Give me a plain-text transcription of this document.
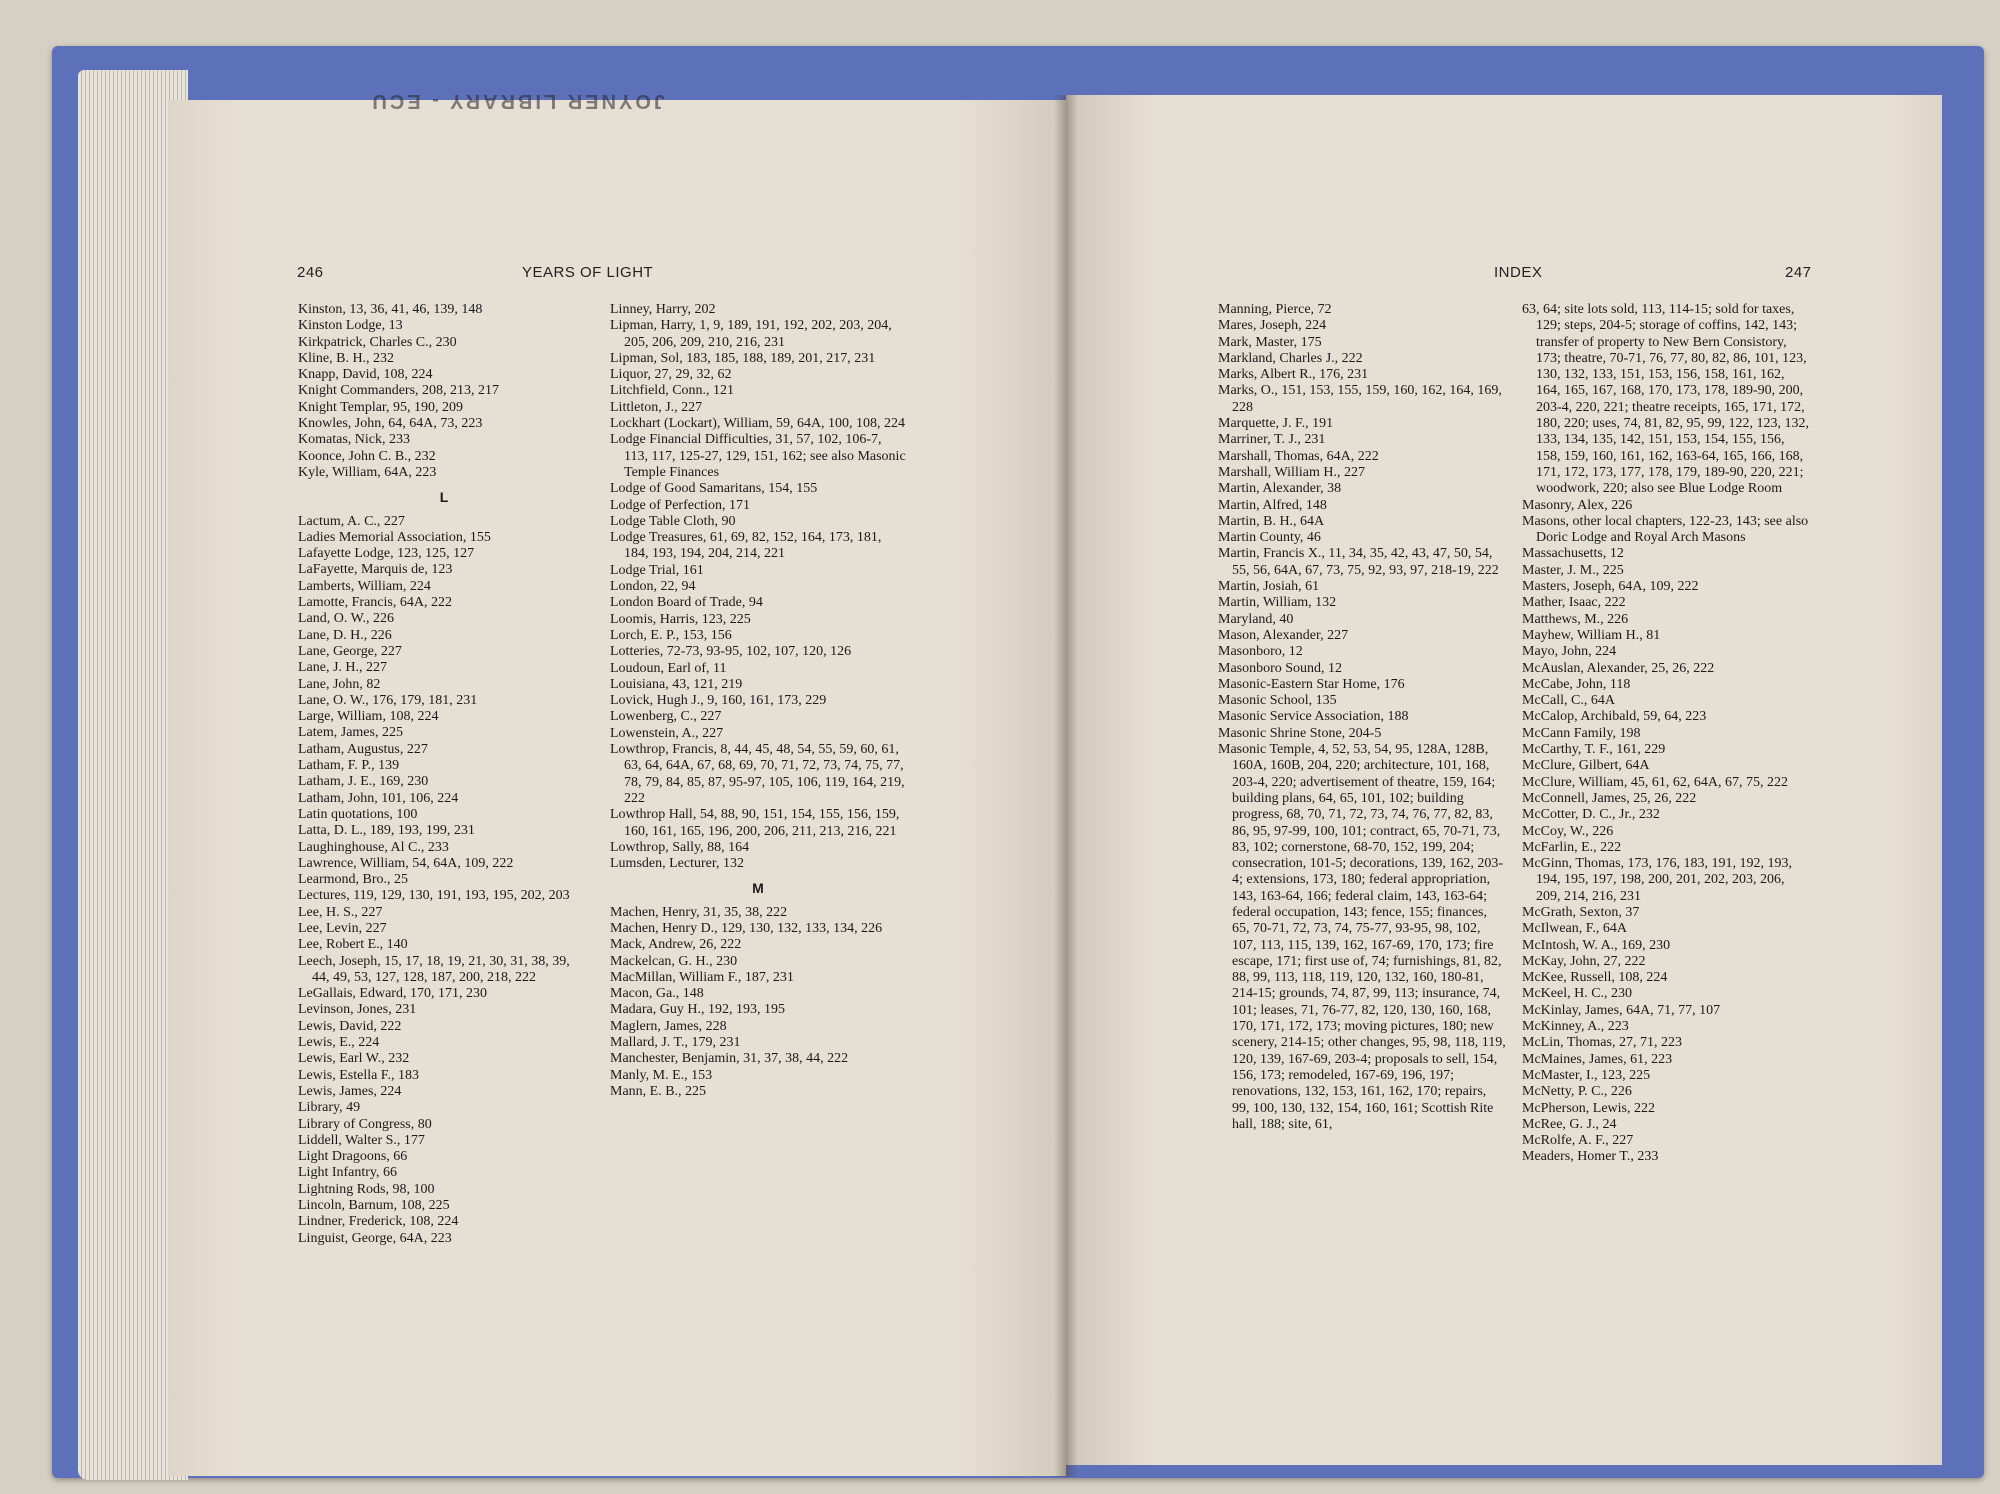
JOYNER LIBRARY - ECU
246	YEARS OF LIGHT	INDEX	247
Kinston, 13, 36, 41, 46, 139, 148
Kinston Lodge, 13
Kirkpatrick, Charles C., 230
Kline, B. H., 232
Knapp, David, 108, 224
Knight Commanders, 208, 213, 217
Knight Templar, 95, 190, 209
Knowles, John, 64, 64A, 73, 223
Komatas, Nick, 233
Koonce, John C. B., 232
Kyle, William, 64A, 223
L
Lactum, A. C., 227
Ladies Memorial Association, 155
Lafayette Lodge, 123, 125, 127
LaFayette, Marquis de, 123
Lamberts, William, 224
Lamotte, Francis, 64A, 222
Land, O. W., 226
Lane, D. H., 226
Lane, George, 227
Lane, J. H., 227
Lane, John, 82
Lane, O. W., 176, 179, 181, 231
Large, William, 108, 224
Latem, James, 225
Latham, Augustus, 227
Latham, F. P., 139
Latham, J. E., 169, 230
Latham, John, 101, 106, 224
Latin quotations, 100
Latta, D. L., 189, 193, 199, 231
Laughinghouse, Al C., 233
Lawrence, William, 54, 64A, 109, 222
Learmond, Bro., 25
Lectures, 119, 129, 130, 191, 193, 195, 202, 203
Lee, H. S., 227
Lee, Levin, 227
Lee, Robert E., 140
Leech, Joseph, 15, 17, 18, 19, 21, 30, 31, 38, 39, 44, 49, 53, 127, 128, 187, 200, 218, 222
LeGallais, Edward, 170, 171, 230
Levinson, Jones, 231
Lewis, David, 222
Lewis, E., 224
Lewis, Earl W., 232
Lewis, Estella F., 183
Lewis, James, 224
Library, 49
Library of Congress, 80
Liddell, Walter S., 177
Light Dragoons, 66
Light Infantry, 66
Lightning Rods, 98, 100
Lincoln, Barnum, 108, 225
Lindner, Frederick, 108, 224
Linguist, George, 64A, 223
Linney, Harry, 202
Lipman, Harry, 1, 9, 189, 191, 192, 202, 203, 204, 205, 206, 209, 210, 216, 231
Lipman, Sol, 183, 185, 188, 189, 201, 217, 231
Liquor, 27, 29, 32, 62
Litchfield, Conn., 121
Littleton, J., 227
Lockhart (Lockart), William, 59, 64A, 100, 108, 224
Lodge Financial Difficulties, 31, 57, 102, 106-7, 113, 117, 125-27, 129, 151, 162; see also Masonic Temple Finances
Lodge of Good Samaritans, 154, 155
Lodge of Perfection, 171
Lodge Table Cloth, 90
Lodge Treasures, 61, 69, 82, 152, 164, 173, 181, 184, 193, 194, 204, 214, 221
Lodge Trial, 161
London, 22, 94
London Board of Trade, 94
Loomis, Harris, 123, 225
Lorch, E. P., 153, 156
Lotteries, 72-73, 93-95, 102, 107, 120, 126
Loudoun, Earl of, 11
Louisiana, 43, 121, 219
Lovick, Hugh J., 9, 160, 161, 173, 229
Lowenberg, C., 227
Lowenstein, A., 227
Lowthrop, Francis, 8, 44, 45, 48, 54, 55, 59, 60, 61, 63, 64, 64A, 67, 68, 69, 70, 71, 72, 73, 74, 75, 77, 78, 79, 84, 85, 87, 95-97, 105, 106, 119, 164, 219, 222
Lowthrop Hall, 54, 88, 90, 151, 154, 155, 156, 159, 160, 161, 165, 196, 200, 206, 211, 213, 216, 221
Lowthrop, Sally, 88, 164
Lumsden, Lecturer, 132
M
Machen, Henry, 31, 35, 38, 222
Machen, Henry D., 129, 130, 132, 133, 134, 226
Mack, Andrew, 26, 222
Mackelcan, G. H., 230
MacMillan, William F., 187, 231
Macon, Ga., 148
Madara, Guy H., 192, 193, 195
Maglern, James, 228
Mallard, J. T., 179, 231
Manchester, Benjamin, 31, 37, 38, 44, 222
Manly, M. E., 153
Mann, E. B., 225
Manning, Pierce, 72
Mares, Joseph, 224
Mark, Master, 175
Markland, Charles J., 222
Marks, Albert R., 176, 231
Marks, O., 151, 153, 155, 159, 160, 162, 164, 169, 228
Marquette, J. F., 191
Marriner, T. J., 231
Marshall, Thomas, 64A, 222
Marshall, William H., 227
Martin, Alexander, 38
Martin, Alfred, 148
Martin, B. H., 64A
Martin County, 46
Martin, Francis X., 11, 34, 35, 42, 43, 47, 50, 54, 55, 56, 64A, 67, 73, 75, 92, 93, 97, 218-19, 222
Martin, Josiah, 61
Martin, William, 132
Maryland, 40
Mason, Alexander, 227
Masonboro, 12
Masonboro Sound, 12
Masonic-Eastern Star Home, 176
Masonic School, 135
Masonic Service Association, 188
Masonic Shrine Stone, 204-5
Masonic Temple, 4, 52, 53, 54, 95, 128A, 128B, 160A, 160B, 204, 220; architecture, 101, 168, 203-4, 220; advertisement of theatre, 159, 164; building plans, 64, 65, 101, 102; building progress, 68, 70, 71, 72, 73, 74, 76, 77, 82, 83, 86, 95, 97-99, 100, 101; contract, 65, 70-71, 73, 83, 102; cornerstone, 68-70, 152, 199, 204; consecration, 101-5; decorations, 139, 162, 203-4; extensions, 173, 180; federal appropriation, 143, 163-64, 166; federal claim, 143, 163-64; federal occupation, 143; fence, 155; finances, 65, 70-71, 72, 73, 74, 75-77, 93-95, 98, 102, 107, 113, 115, 139, 162, 167-69, 170, 173; fire escape, 171; first use of, 74; furnishings, 81, 82, 88, 99, 113, 118, 119, 120, 132, 160, 180-81, 214-15; grounds, 74, 87, 99, 113; insurance, 74, 101; leases, 71, 76-77, 82, 120, 130, 160, 168, 170, 171, 172, 173; moving pictures, 180; new scenery, 214-15; other changes, 95, 98, 118, 119, 120, 139, 167-69, 203-4; proposals to sell, 154, 156, 173; remodeled, 167-69, 196, 197; renovations, 132, 153, 161, 162, 170; repairs, 99, 100, 130, 132, 154, 160, 161; Scottish Rite hall, 188; site, 61,
63, 64; site lots sold, 113, 114-15; sold for taxes, 129; steps, 204-5; storage of coffins, 142, 143; transfer of property to New Bern Consistory, 173; theatre, 70-71, 76, 77, 80, 82, 86, 101, 123, 130, 132, 133, 151, 153, 156, 158, 161, 162, 164, 165, 167, 168, 170, 173, 178, 189-90, 200, 203-4, 220, 221; theatre receipts, 165, 171, 172, 180, 220; uses, 74, 81, 82, 95, 99, 122, 123, 132, 133, 134, 135, 142, 151, 153, 154, 155, 156, 158, 159, 160, 161, 162, 163-64, 165, 166, 168, 171, 172, 173, 177, 178, 179, 189-90, 220, 221; woodwork, 220; also see Blue Lodge Room
Masonry, Alex, 226
Masons, other local chapters, 122-23, 143; see also Doric Lodge and Royal Arch Masons
Massachusetts, 12
Master, J. M., 225
Masters, Joseph, 64A, 109, 222
Mather, Isaac, 222
Matthews, M., 226
Mayhew, William H., 81
Mayo, John, 224
McAuslan, Alexander, 25, 26, 222
McCabe, John, 118
McCall, C., 64A
McCalop, Archibald, 59, 64, 223
McCann Family, 198
McCarthy, T. F., 161, 229
McClure, Gilbert, 64A
McClure, William, 45, 61, 62, 64A, 67, 75, 222
McConnell, James, 25, 26, 222
McCotter, D. C., Jr., 232
McCoy, W., 226
McFarlin, E., 222
McGinn, Thomas, 173, 176, 183, 191, 192, 193, 194, 195, 197, 198, 200, 201, 202, 203, 206, 209, 214, 216, 231
McGrath, Sexton, 37
McIlwean, F., 64A
McIntosh, W. A., 169, 230
McKay, John, 27, 222
McKee, Russell, 108, 224
McKeel, H. C., 230
McKinlay, James, 64A, 71, 77, 107
McKinney, A., 223
McLin, Thomas, 27, 71, 223
McMaines, James, 61, 223
McMaster, I., 123, 225
McNetty, P. C., 226
McPherson, Lewis, 222
McRee, G. J., 24
McRolfe, A. F., 227
Meaders, Homer T., 233
